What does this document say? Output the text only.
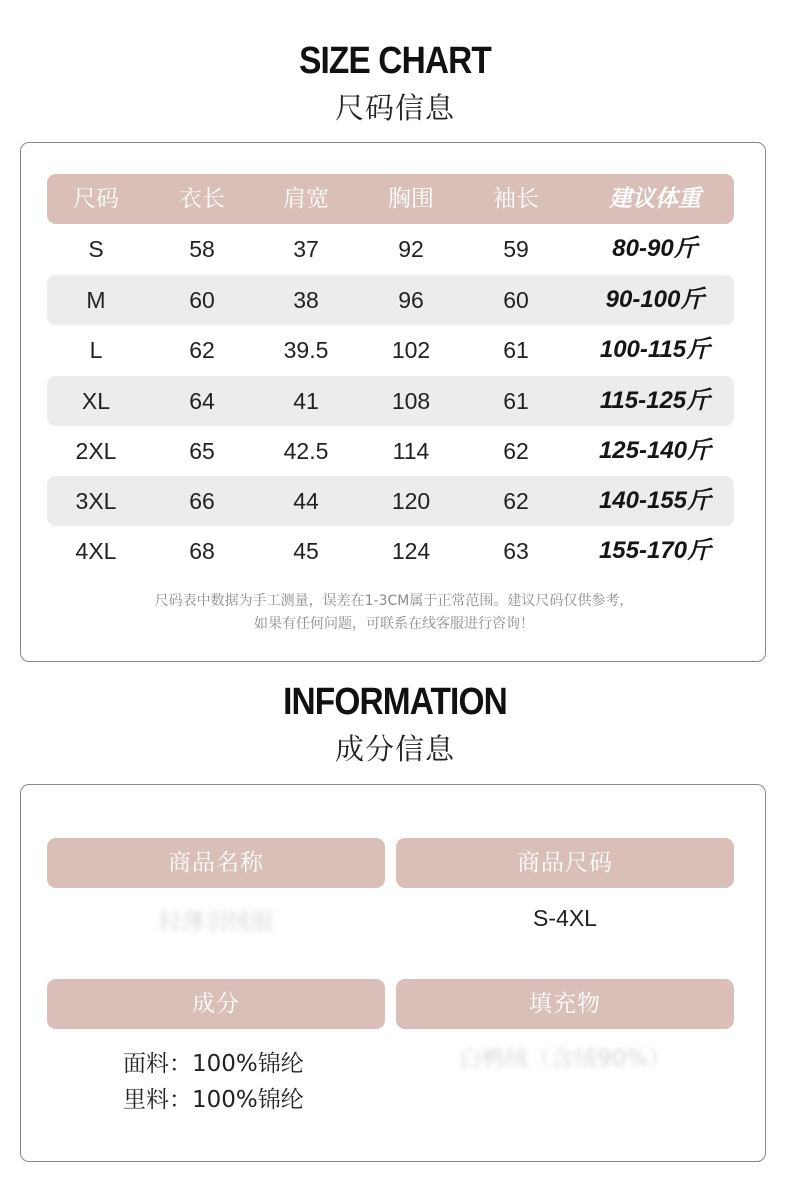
SIZE CHART
尺码信息
尺码	衣长	肩宽	胸围	袖长	建议体重
S	58	37	92	59	80-90斤
M	60	38	96	60	90-100斤
L	62	39.5	102	61	100-115斤
XL	64	41	108	61	115-125斤
2XL	65	42.5	114	62	125-140斤
3XL	66	44	120	62	140-155斤
4XL	68	45	124	63	155-170斤
尺码表中数据为手工测量，误差在1-3CM属于正常范围。建议尺码仅供参考，
如果有任何问题，可联系在线客服进行咨询！
INFORMATION
成分信息
商品名称
轻薄羽绒服
商品尺码
S-4XL
成分
面料：100%锦纶
里料：100%锦纶
填充物
白鸭绒（含绒90%）
